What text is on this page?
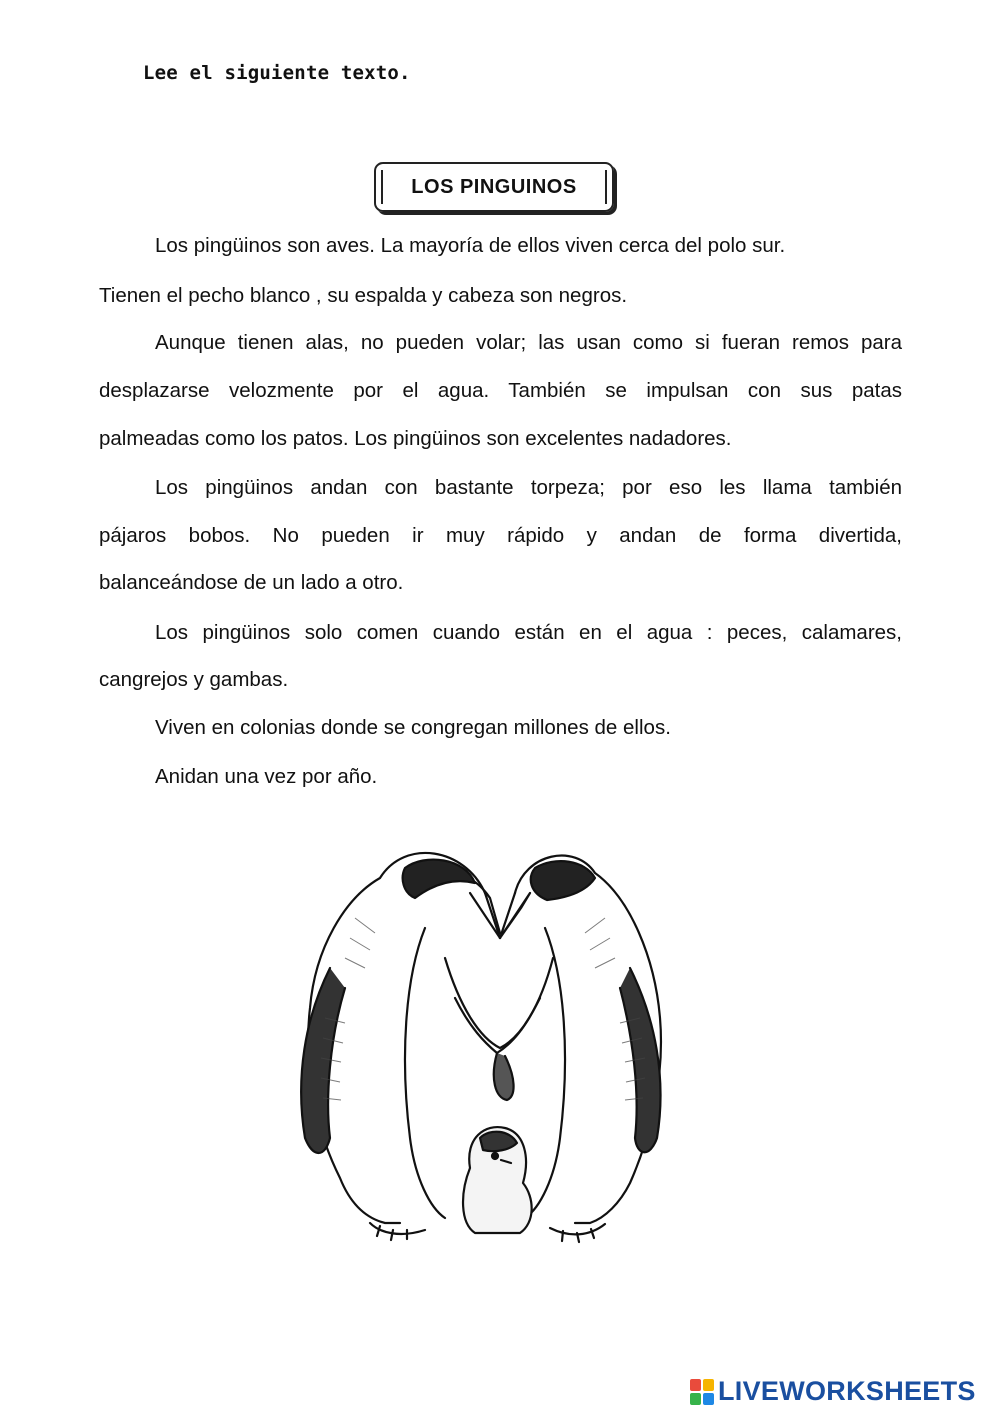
Lee el siguiente texto.
LOS PINGUINOS
Los pingüinos son aves. La mayoría de ellos viven cerca del polo sur.
Tienen el pecho blanco , su espalda y cabeza son negros.
Aunque tienen alas, no pueden volar; las usan como si fueran remos para
desplazarse velozmente por el agua. También se impulsan con sus patas
palmeadas como los patos. Los pingüinos son excelentes nadadores.
Los pingüinos andan con bastante torpeza; por eso les llama también
pájaros bobos. No pueden ir muy rápido y andan de forma divertida,
balanceándose de un lado a otro.
Los pingüinos solo comen cuando están en el agua : peces, calamares,
cangrejos y gambas.
Viven en colonias donde se congregan millones de ellos.
Anidan una vez por año.
LIVEWORKSHEETS
